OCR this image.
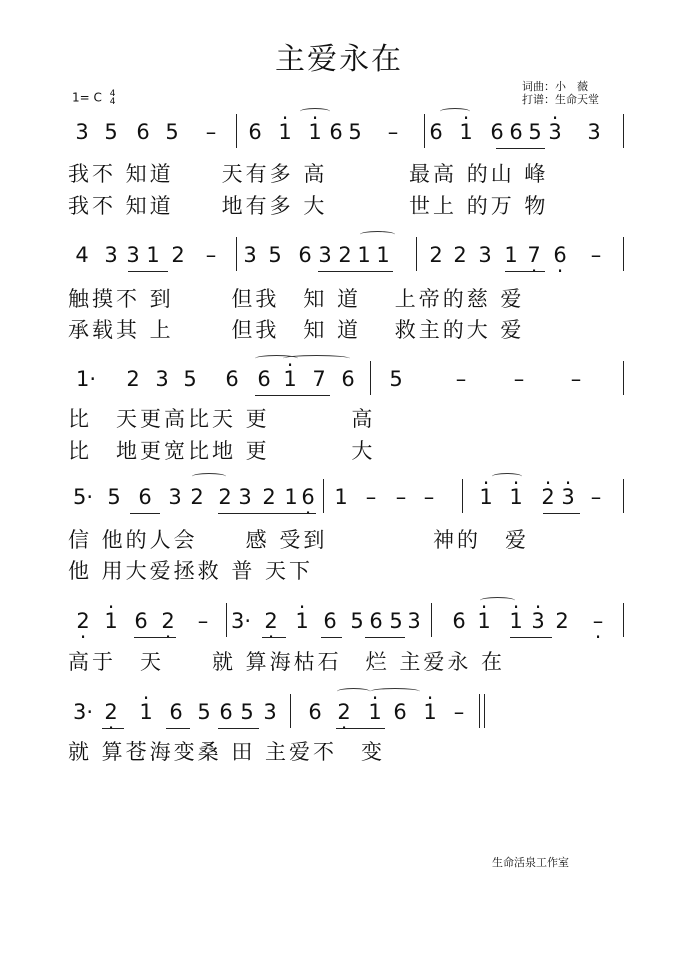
主爱永在
1= C 4
4
词曲：小　薇
打谱：生命天堂
3 5 6 5 – 6 · 1 · 1 6 5 – 6 · 1 6 6 5 · 3 3
我不 知道　　天有多 高　　　 最高 的山 峰
我不 知道　　地有多 大　　　 世上 的万 物
4 3 3 1 2 – 3 5 6 3 2 1 1 2 2 3 1 7 · 6 · –
触摸不 到　　 但我　知 道　 上帝的慈 爱
承载其 上　　 但我　知 道　 救主的大 爱
1· 2 3 5 6 6 · 1 7 6 5	– – –
比　天更高比天 更　　　 高
比　地更宽比地 更　　　 大
5· 5 6 3 2 2 3 2 1 6 · 1 – – – · 1 · 1 · 2 · 3 –
信 他的人会　　感 受到　　　　 神的　爱
他 用大爱拯救 普 天下
2 · · 1 6 2 · – 3· 2 · · 1 6 5 6 5 3 6 · 1 · 1 · 3 2 – ·
高于　天　　就 算海枯石　烂 主爱永 在
3· 2 · · 1 6 5 6 5 3 6 2 · · 1 6 · 1 –
就 算苍海变桑 田 主爱不　变
生命活泉工作室
